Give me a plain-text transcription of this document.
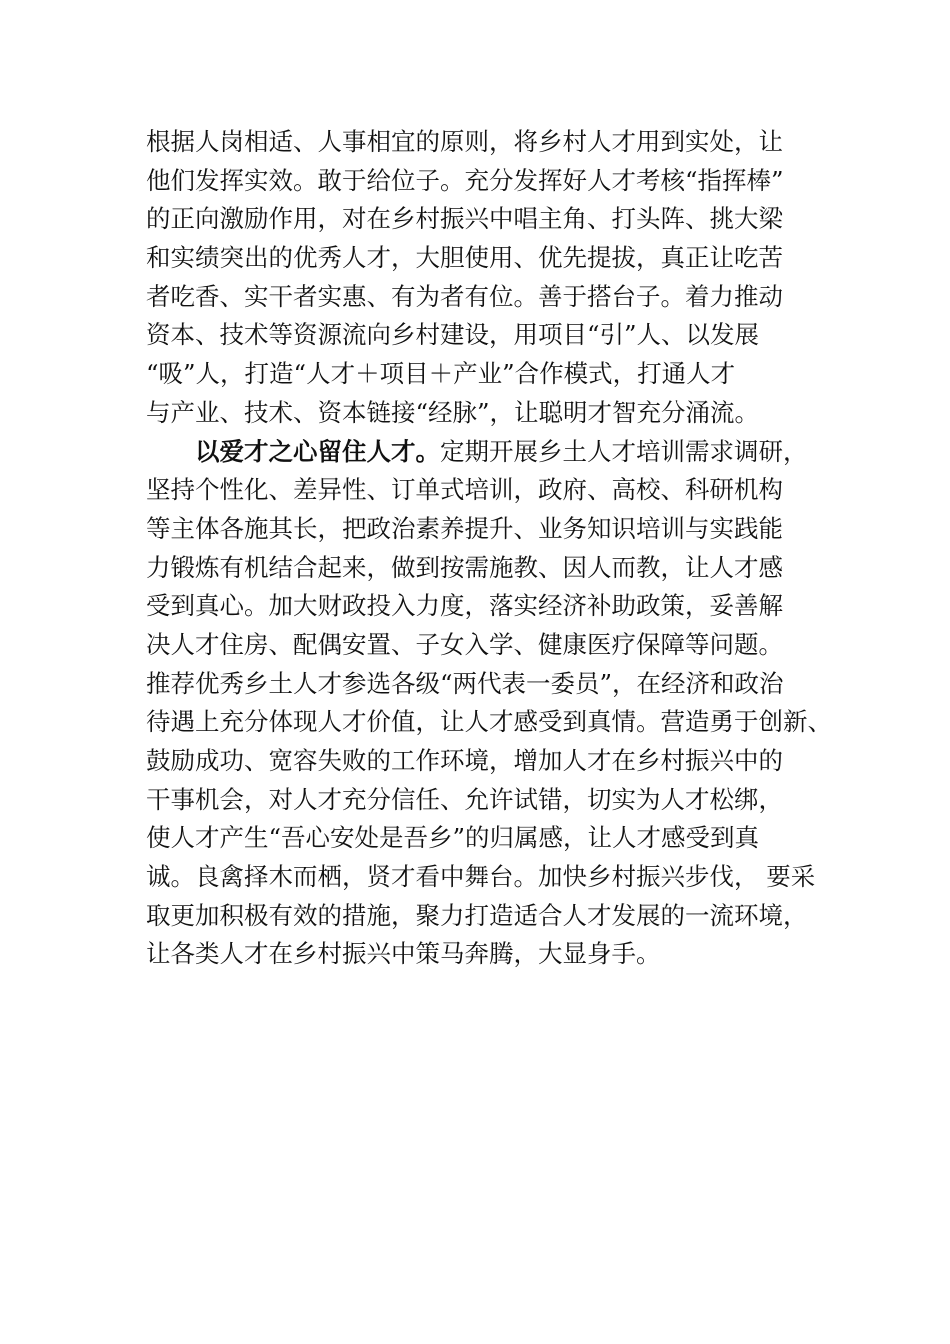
根据人岗相适、人事相宜的原则，将乡村人才用到实处，让
他们发挥实效。敢于给位子。充分发挥好人才考核“指挥棒”
的正向激励作用，对在乡村振兴中唱主角、打头阵、挑大梁
和实绩突出的优秀人才，大胆使用、优先提拔，真正让吃苦
者吃香、实干者实惠、有为者有位。善于搭台子。着力推动
资本、技术等资源流向乡村建设，用项目“引”人、以发展
“吸”人，打造“人才＋项目＋产业”合作模式，打通人才
与产业、技术、资本链接“经脉”，让聪明才智充分涌流。
以爱才之心留住人才。定期开展乡土人才培训需求调研，
坚持个性化、差异性、订单式培训，政府、高校、科研机构
等主体各施其长，把政治素养提升、业务知识培训与实践能
力锻炼有机结合起来，做到按需施教、因人而教，让人才感
受到真心。加大财政投入力度，落实经济补助政策，妥善解
决人才住房、配偶安置、子女入学、健康医疗保障等问题。
推荐优秀乡土人才参选各级“两代表一委员”，在经济和政治
待遇上充分体现人才价值，让人才感受到真情。营造勇于创新、
鼓励成功、宽容失败的工作环境，增加人才在乡村振兴中的
干事机会，对人才充分信任、允许试错，切实为人才松绑，
使人才产生“吾心安处是吾乡”的归属感，让人才感受到真
诚。良禽择木而栖，贤才看中舞台。加快乡村振兴步伐， 要采
取更加积极有效的措施，聚力打造适合人才发展的一流环境，
让各类人才在乡村振兴中策马奔腾，大显身手。
